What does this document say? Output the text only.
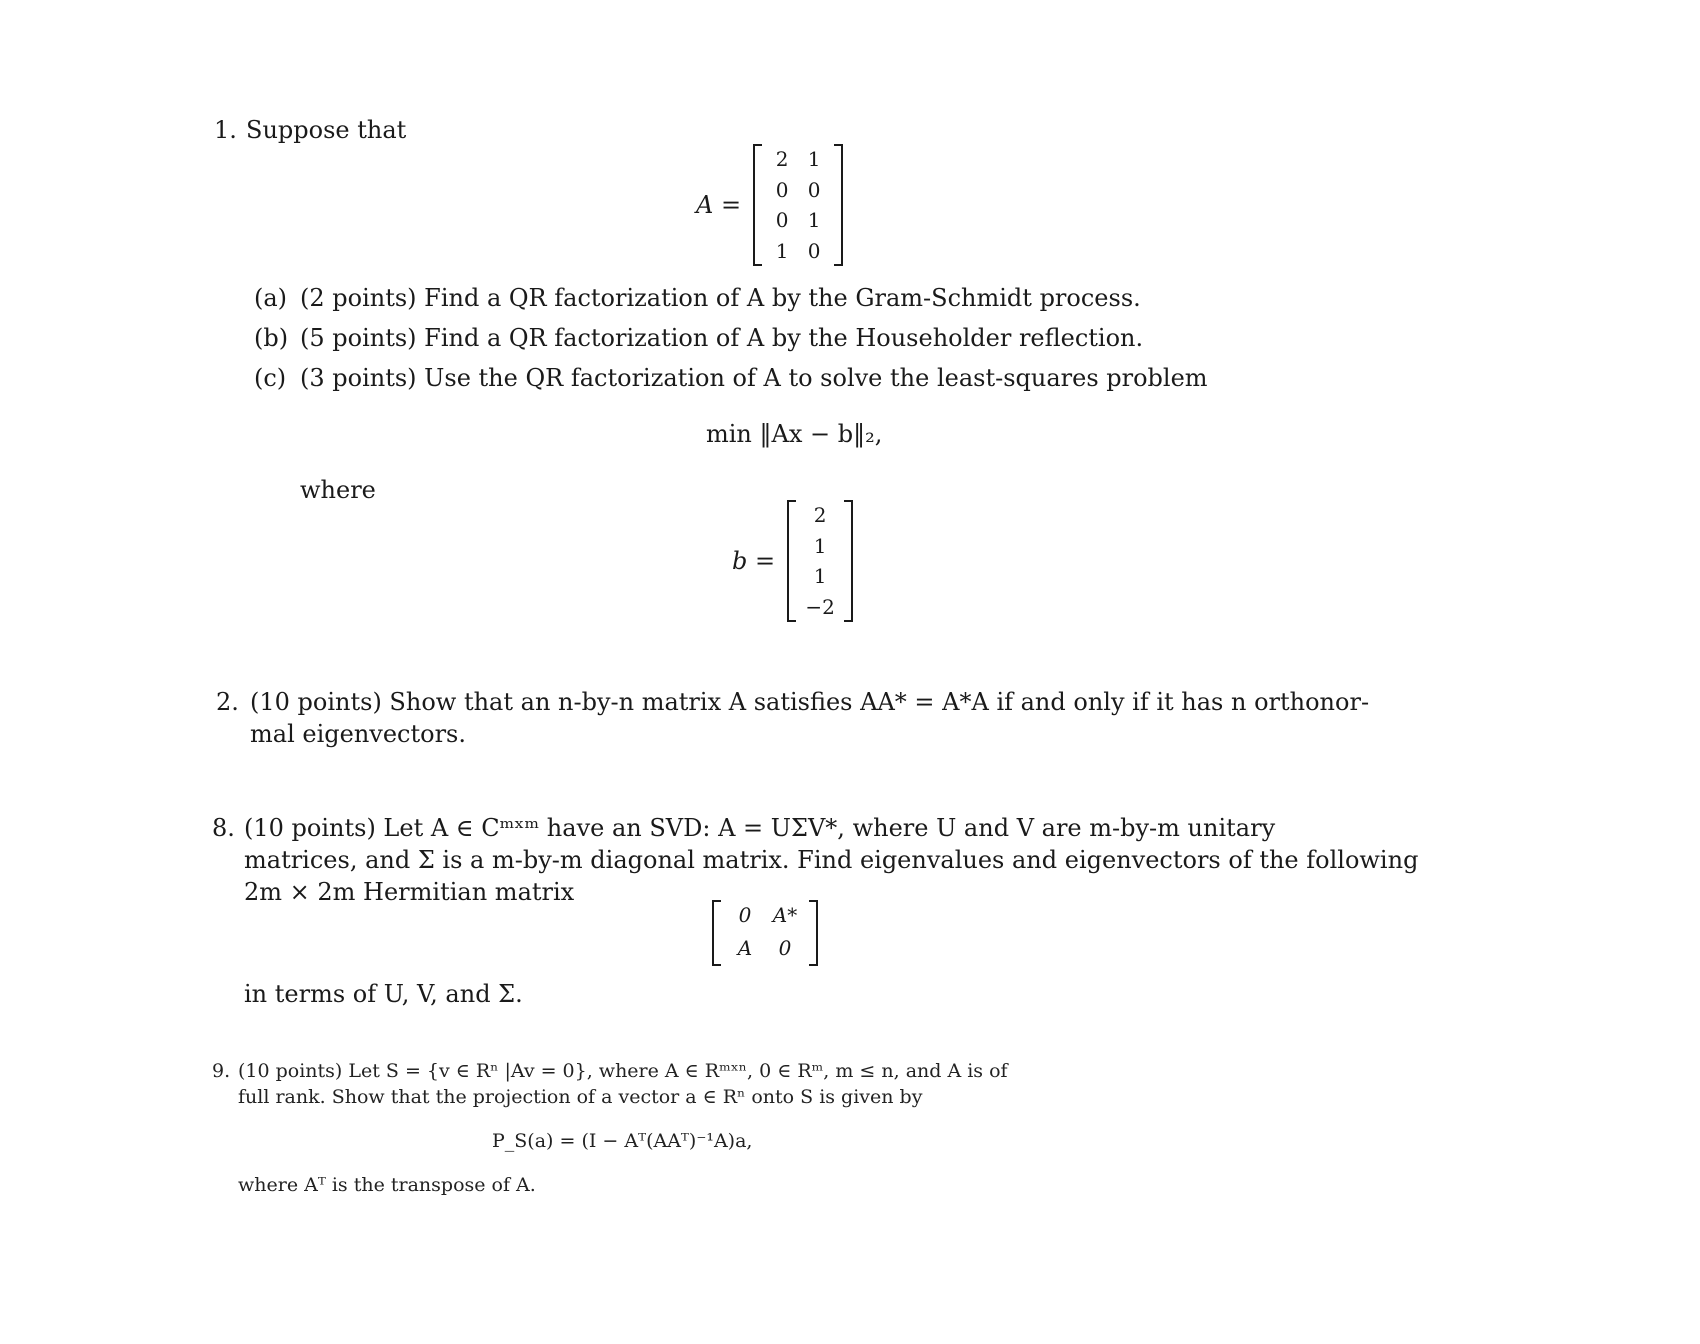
1. Suppose that
A =
2 1
0 0
0 1
1 0
(a) (2 points) Find a QR factorization of A by the Gram-Schmidt process.
(b) (5 points) Find a QR factorization of A by the Householder reflection.
(c) (3 points) Use the QR factorization of A to solve the least-squares problem
min ‖Ax − b‖₂,
where
b =
2
1
1
−2
2. (10 points) Show that an n-by-n matrix A satisfies AA* = A*A if and only if it has n orthonor-
mal eigenvectors.
8. (10 points) Let A ∈ Cᵐˣᵐ have an SVD: A = UΣV*, where U and V are m-by-m unitary
matrices, and Σ is a m-by-m diagonal matrix. Find eigenvalues and eigenvectors of the following
2m × 2m Hermitian matrix
0	A*
A	0
in terms of U, V, and Σ.
9. (10 points) Let S = {v ∈ Rⁿ |Av = 0}, where A ∈ Rᵐˣⁿ, 0 ∈ Rᵐ, m ≤ n, and A is of
full rank. Show that the projection of a vector a ∈ Rⁿ onto S is given by
P_S(a) = (I − Aᵀ(AAᵀ)⁻¹A)a,
where Aᵀ is the transpose of A.
